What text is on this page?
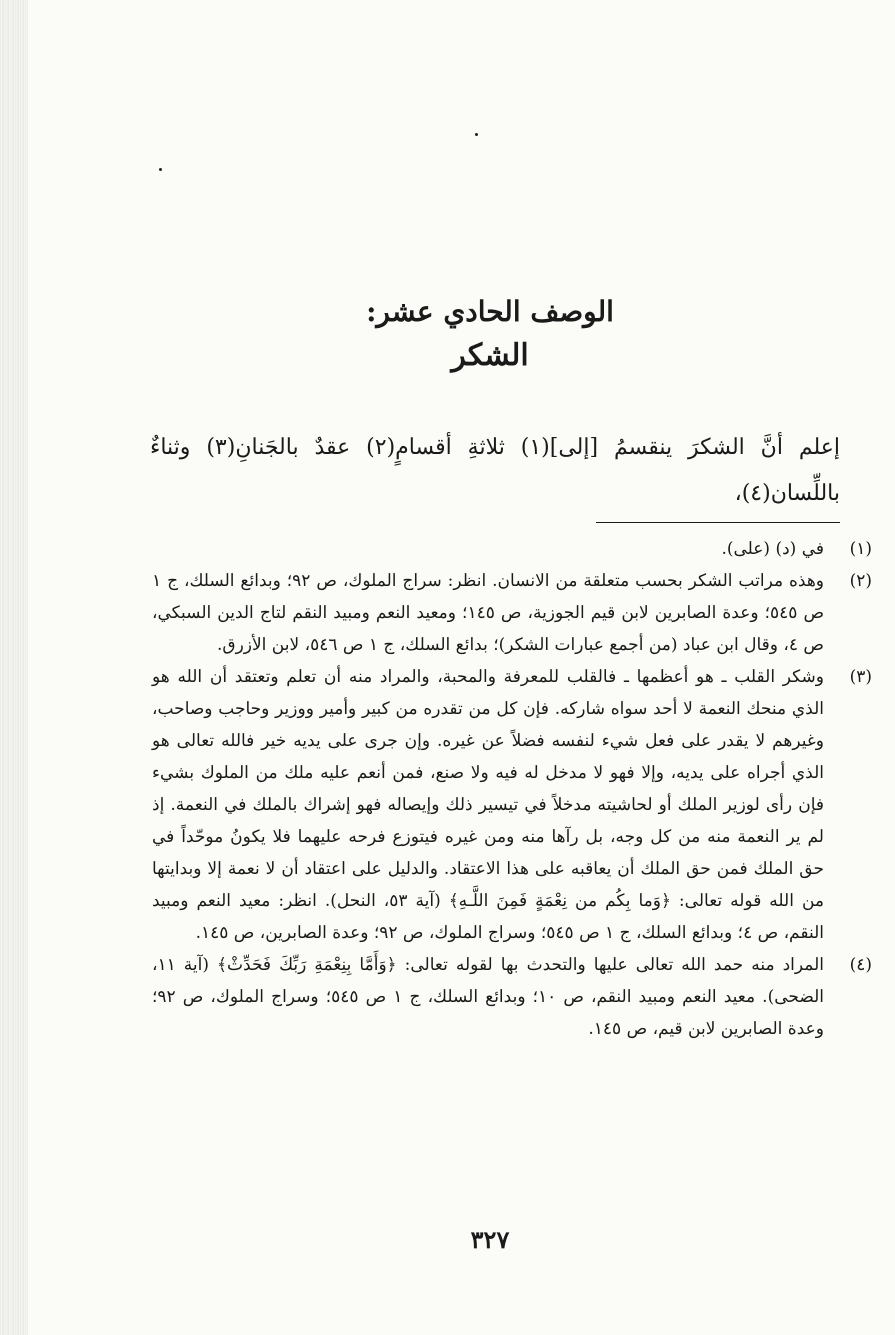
الوصف الحادي عشر:
الشكر
إعلم أنَّ الشكرَ ينقسمُ [إلى](١) ثلاثةِ أقسامٍ(٢) عقدٌ بالجَنانِ(٣) وثناءٌ باللِّسان(٤)،
(١)
في (د) (على).
(٢)
وهذه مراتب الشكر بحسب متعلقة من الانسان. انظر: سراج الملوك، ص ٩٢؛ وبدائع السلك، ج ١ ص ٥٤٥؛ وعدة الصابرين لابن قيم الجوزية، ص ١٤٥؛ ومعيد النعم ومبيد النقم لتاج الدين السبكي، ص ٤، وقال ابن عباد (من أجمع عبارات الشكر)؛ بدائع السلك، ج ١ ص ٥٤٦، لابن الأزرق.
(٣)
وشكر القلب ـ هو أعظمها ـ فالقلب للمعرفة والمحبة، والمراد منه أن تعلم وتعتقد أن الله هو الذي منحك النعمة لا أحد سواه شاركه. فإن كل من تقدره من كبير وأمير ووزير وحاجب وصاحب، وغيرهم لا يقدر على فعل شيء لنفسه فضلاً عن غيره. وإن جرى على يديه خير فالله تعالى هو الذي أجراه على يديه، وإلا فهو لا مدخل له فيه ولا صنع، فمن أنعم عليه ملك من الملوك بشيء فإن رأى لوزير الملك أو لحاشيته مدخلاً في تيسير ذلك وإيصاله فهو إشراك بالملك في النعمة. إذ لم ير النعمة منه من كل وجه، بل رآها منه ومن غيره فيتوزع فرحه عليهما فلا يكونُ موحّداً في حق الملك فمن حق الملك أن يعاقبه على هذا الاعتقاد. والدليل على اعتقاد أن لا نعمة إلا وبدايتها من الله قوله تعالى: ﴿وَما بِكُم من نِعْمَةٍ فَمِنَ اللَّـهِ﴾ (آية ٥٣، النحل). انظر: معيد النعم ومبيد النقم، ص ٤؛ وبدائع السلك، ج ١ ص ٥٤٥؛ وسراج الملوك، ص ٩٢؛ وعدة الصابرين، ص ١٤٥.
(٤)
المراد منه حمد الله تعالى عليها والتحدث بها لقوله تعالى: ﴿وَأَمَّا بِنِعْمَةِ رَبِّكَ فَحَدِّثْ﴾ (آية ١١، الضحى). معيد النعم ومبيد النقم، ص ١٠؛ وبدائع السلك، ج ١ ص ٥٤٥؛ وسراج الملوك، ص ٩٢؛ وعدة الصابرين لابن قيم، ص ١٤٥.
٣٢٧
